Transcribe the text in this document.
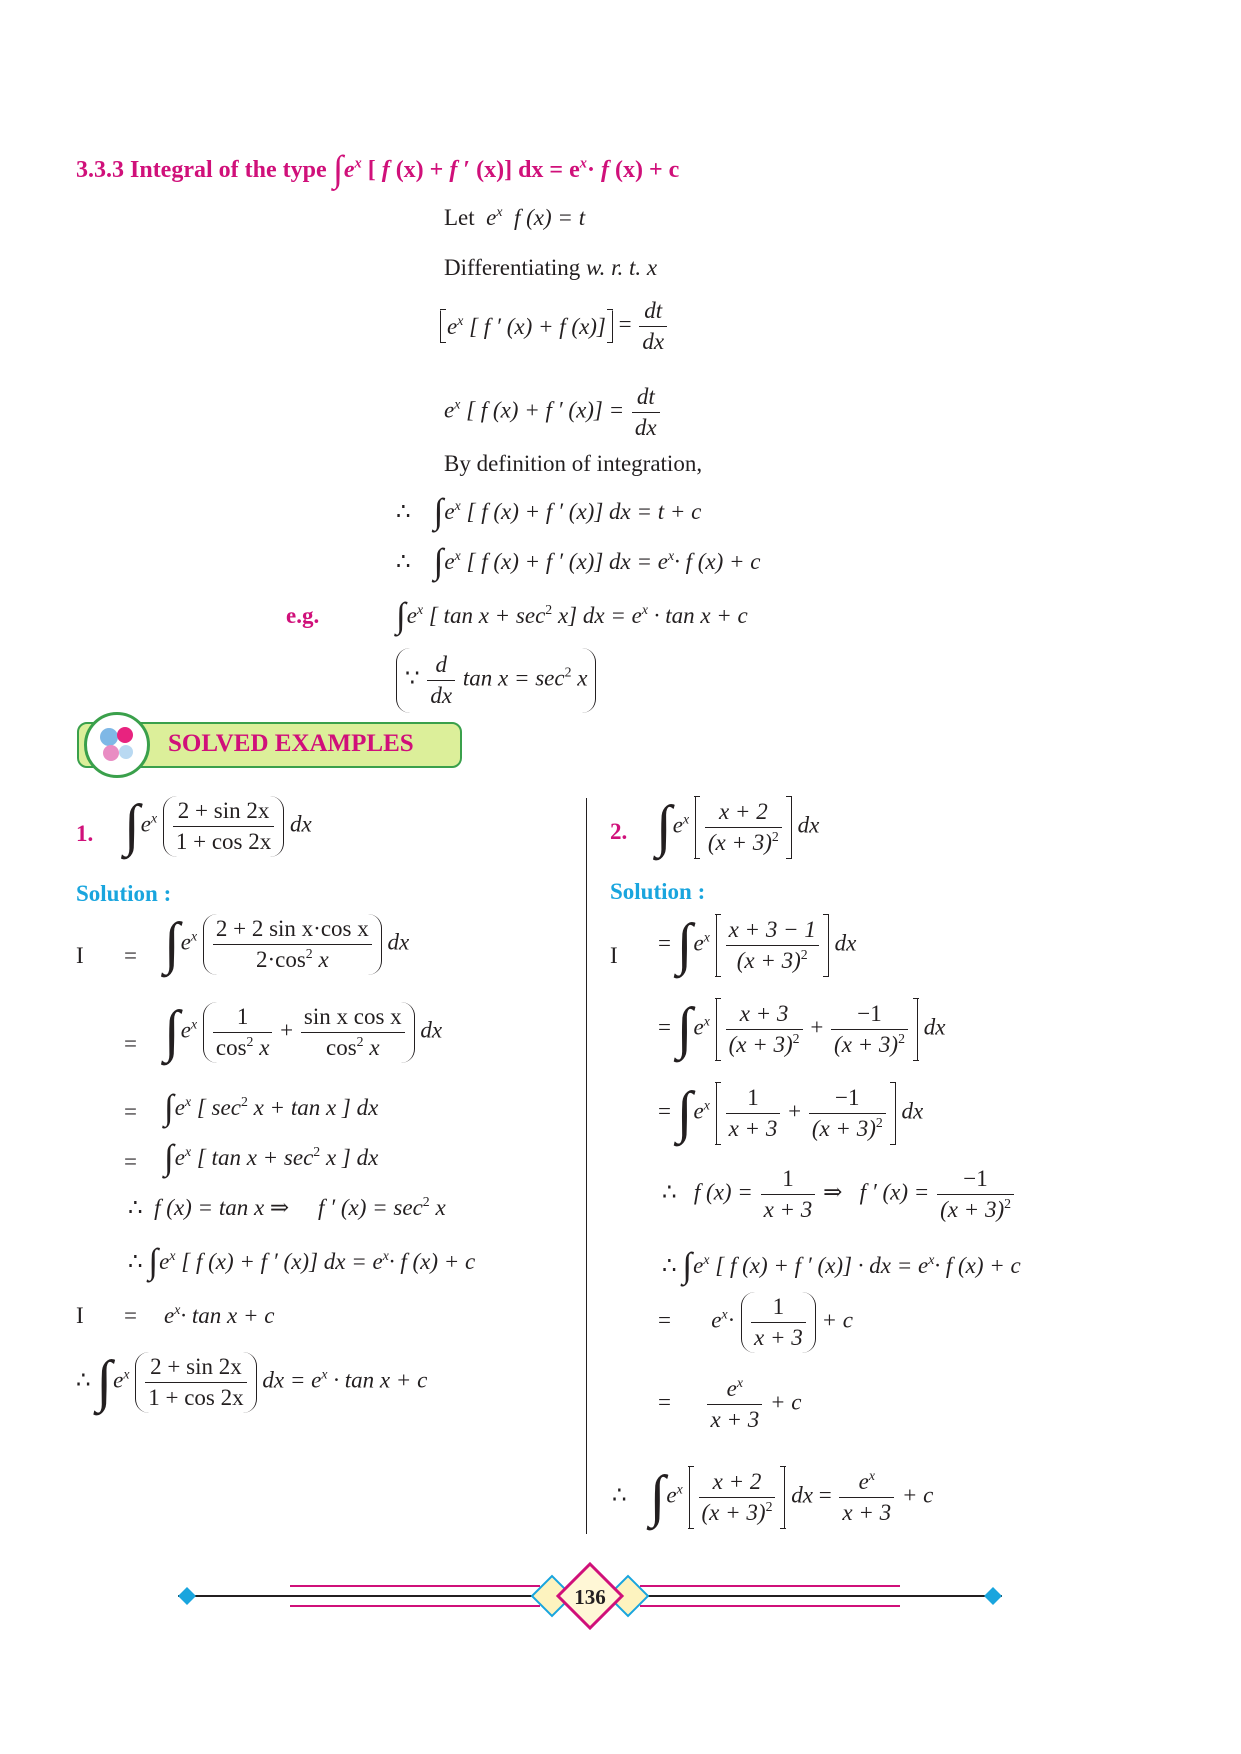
3.3.3 Integral of the type $\int e^x$ [ f (x) + f ′ (x)] dx = $e^x\cdot f$ (x) + c
Let $e^x$ f (x) = t
Differentiating w. r. t. x
$e^x$ [ f ′ (x) + f $(x)] = \frac{dt}{dx}$
$e^x$ [ f (x) + f ′ $(x)] = \frac{dt}{dx}$
By definition of integration,
∴ $\int e^x$ [ f (x) + f ′ (x)] dx = t + c
∴ $\int e^x$ [ f (x) + f ′ (x)] dx = $e^x\cdot f$ (x) + c
e.g. $\int e^x$ [ $\tan x + \sec^2 x$] dx = $e^x \cdot \tan x + c$
∵ $\frac{d}{dx}$ $\tan x = \sec^2 x$
SOLVED EXAMPLES
1. $\int e^x \frac{2 + \sin 2x}{1 + \cos 2x}$ dx
Solution :
$I = \int e^x \frac{\text{2 + 2 sin x·cos x}}{2\cdot\cos^2 x}$ dx
= $\int e^x \frac{1}{\cos^2 x} + \frac{\text{sin x cos x}}{\cos^2 x}$ dx
= $\int e^x$ [ $\sec^2 x + \tan x$ ] dx
= $\int e^x$ [ $\tan x + \sec^2 x$ ] dx
∴ f (x) = tan x ⇒ f ′ $(x) = \sec^2 x$
∴ $\int e^x$ [ f (x) + f ′ (x)] dx = $e^x\cdot f$ (x) + c
$I = e^x\cdot \tan x + c$
∴ $\int e^x \frac{2 + \sin 2x}{1 + \cos 2x}$ dx = $e^x \cdot \tan x + c$
2. $\int e^x \frac{x + 2}{(x + 3)^2}$ dx
Solution :
$I = \int e^x \frac{x + 3 - 1}{(x + 3)^2}$ dx
= $\int e^x \frac{x + 3}{(x + 3)^2} + \frac{-1}{(x + 3)^2}$ dx
= $\int e^x \frac{1}{x + 3} + \frac{-1}{(x + 3)^2}$ dx
∴ f $(x) = \frac{1}{x + 3}$ ⇒ f ′ $(x) = \frac{-1}{(x + 3)^2}$
∴ $\int e^x$ [ f (x) + f ′ (x)] · dx = $e^x\cdot f$ (x) + c
= $e^x\cdot \frac{1}{x + 3} + c$
= $\frac{e^x}{x + 3} + c$
∴ $\int e^x \frac{x + 2}{(x + 3)^2}$ dx = $\frac{e^x}{x + 3} + c$
136
